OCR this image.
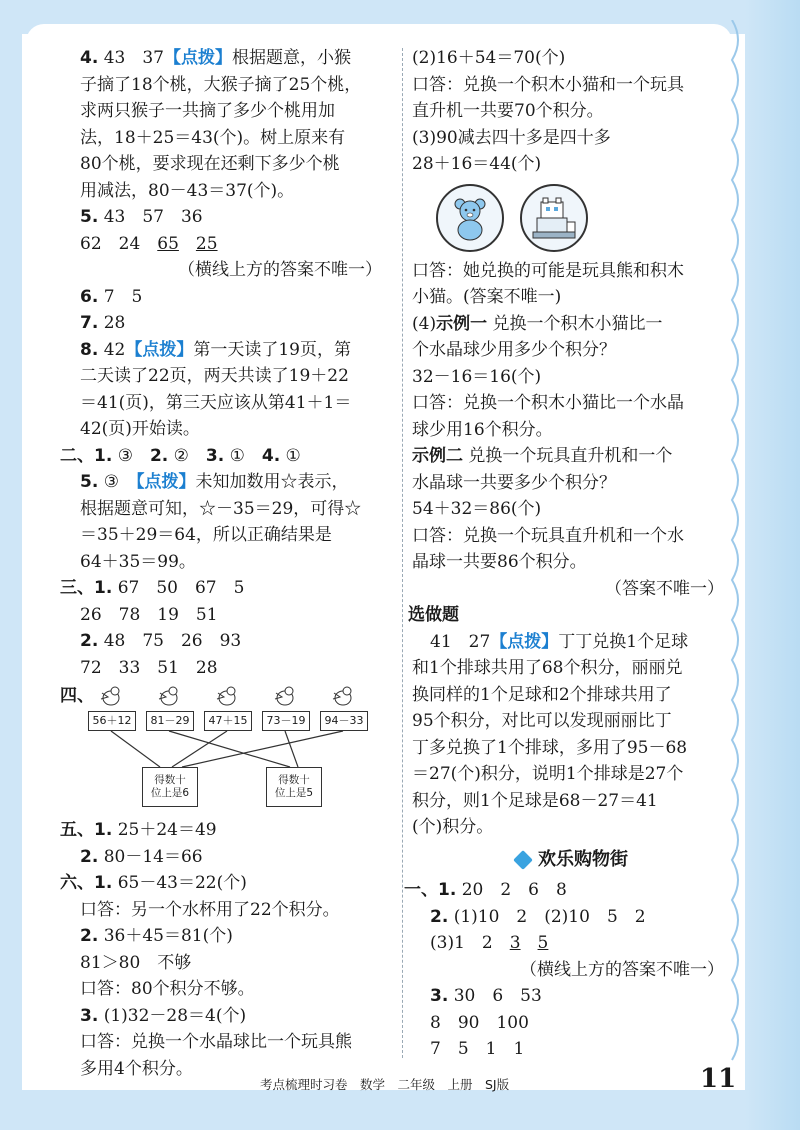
4. 43　37【点拨】根据题意，小猴
子摘了18个桃，大猴子摘了25个桃，
求两只猴子一共摘了多少个桃用加
法，18＋25＝43(个)。树上原来有
80个桃，要求现在还剩下多少个桃
用减法，80－43＝37(个)。
5. 43　57　36
62　24　65　 25
（横线上方的答案不唯一）
6. 7　5
7. 28
8. 42【点拨】第一天读了19页，第
二天读了22页，两天共读了19＋22
＝41(页)，第三天应该从第41＋1＝
42(页)开始读。
二、1. ③　2. ②　3. ①　4. ①
5. ③　【点拨】未知加数用☆表示，
根据题意可知，☆－35＝29，可得☆
＝35＋29＝64，所以正确结果是
64＋35＝99。
三、1. 67　50　67　5
26　78　19　51
2. 48　75　26　93
72　33　51　28
四、
56＋12	81－29	47＋15	73－19	94－33
得数十
位上是6
得数十
位上是5
五、1. 25＋24＝49
2. 80－14＝66
六、1. 65－43＝22(个)
口答：另一个水杯用了22个积分。
2. 36＋45＝81(个)
81＞80　不够
口答：80个积分不够。
3. (1)32－28＝4(个)
口答：兑换一个水晶球比一个玩具熊
多用4个积分。
(2)16＋54＝70(个)
口答：兑换一个积木小猫和一个玩具
直升机一共要70个积分。
(3)90减去四十多是四十多
28＋16＝44(个)
口答：她兑换的可能是玩具熊和积木
小猫。(答案不唯一)
(4)示例一 兑换一个积木小猫比一
个水晶球少用多少个积分？
32－16＝16(个)
口答：兑换一个积木小猫比一个水晶
球少用16个积分。
示例二 兑换一个玩具直升机和一个
水晶球一共要多少个积分？
54＋32＝86(个)
口答：兑换一个玩具直升机和一个水
晶球一共要86个积分。
（答案不唯一）
选做题
41　27【点拨】丁丁兑换1个足球
和1个排球共用了68个积分，丽丽兑
换同样的1个足球和2个排球共用了
95个积分，对比可以发现丽丽比丁
丁多兑换了1个排球，多用了95－68
＝27(个)积分，说明1个排球是27个
积分，则1个足球是68－27＝41
(个)积分。
欢乐购物街
一、1. 20　2　6　8
2. (1)10　2　(2)10　5　2
(3)1　2　3　 5
（横线上方的答案不唯一）
3. 30　6　53
8　90　100
7　5　1　1
考点梳理时习卷　数学　二年级　上册　SJ版	11
